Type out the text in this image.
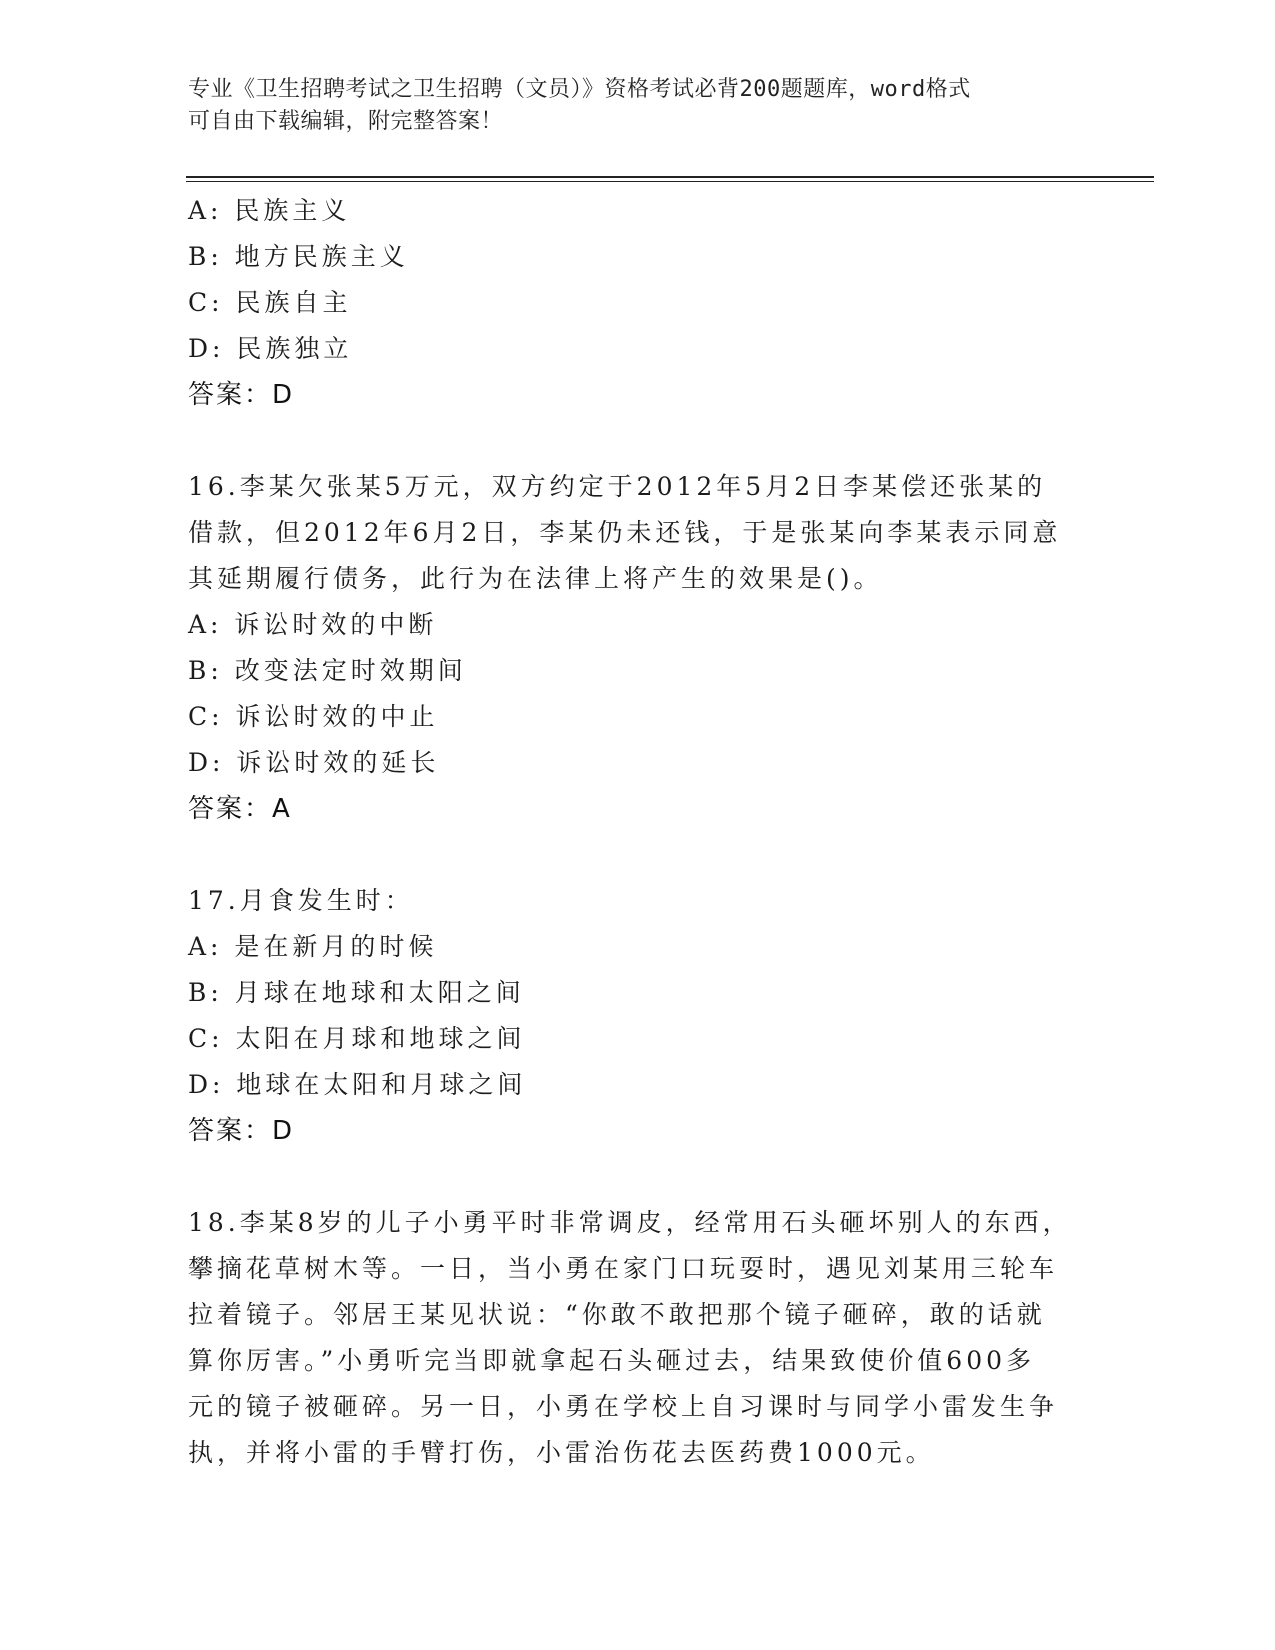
专业《卫生招聘考试之卫生招聘（文员）》资格考试必背200题题库，word格式
可自由下载编辑，附完整答案！
A: 民族主义
B: 地方民族主义
C: 民族自主
D: 民族独立
答案：D
16.李某欠张某5万元，双方约定于2012年5月2日李某偿还张某的
借款，但2012年6月2日，李某仍未还钱，于是张某向李某表示同意
其延期履行债务，此行为在法律上将产生的效果是()。
A: 诉讼时效的中断
B: 改变法定时效期间
C: 诉讼时效的中止
D: 诉讼时效的延长
答案：A
17.月食发生时：
A: 是在新月的时候
B: 月球在地球和太阳之间
C: 太阳在月球和地球之间
D: 地球在太阳和月球之间
答案：D
18.李某8岁的儿子小勇平时非常调皮，经常用石头砸坏别人的东西，
攀摘花草树木等。一日，当小勇在家门口玩耍时，遇见刘某用三轮车
拉着镜子。邻居王某见状说：“你敢不敢把那个镜子砸碎，敢的话就
算你厉害。”小勇听完当即就拿起石头砸过去，结果致使价值600多
元的镜子被砸碎。另一日，小勇在学校上自习课时与同学小雷发生争
执，并将小雷的手臂打伤，小雷治伤花去医药费1000元。
